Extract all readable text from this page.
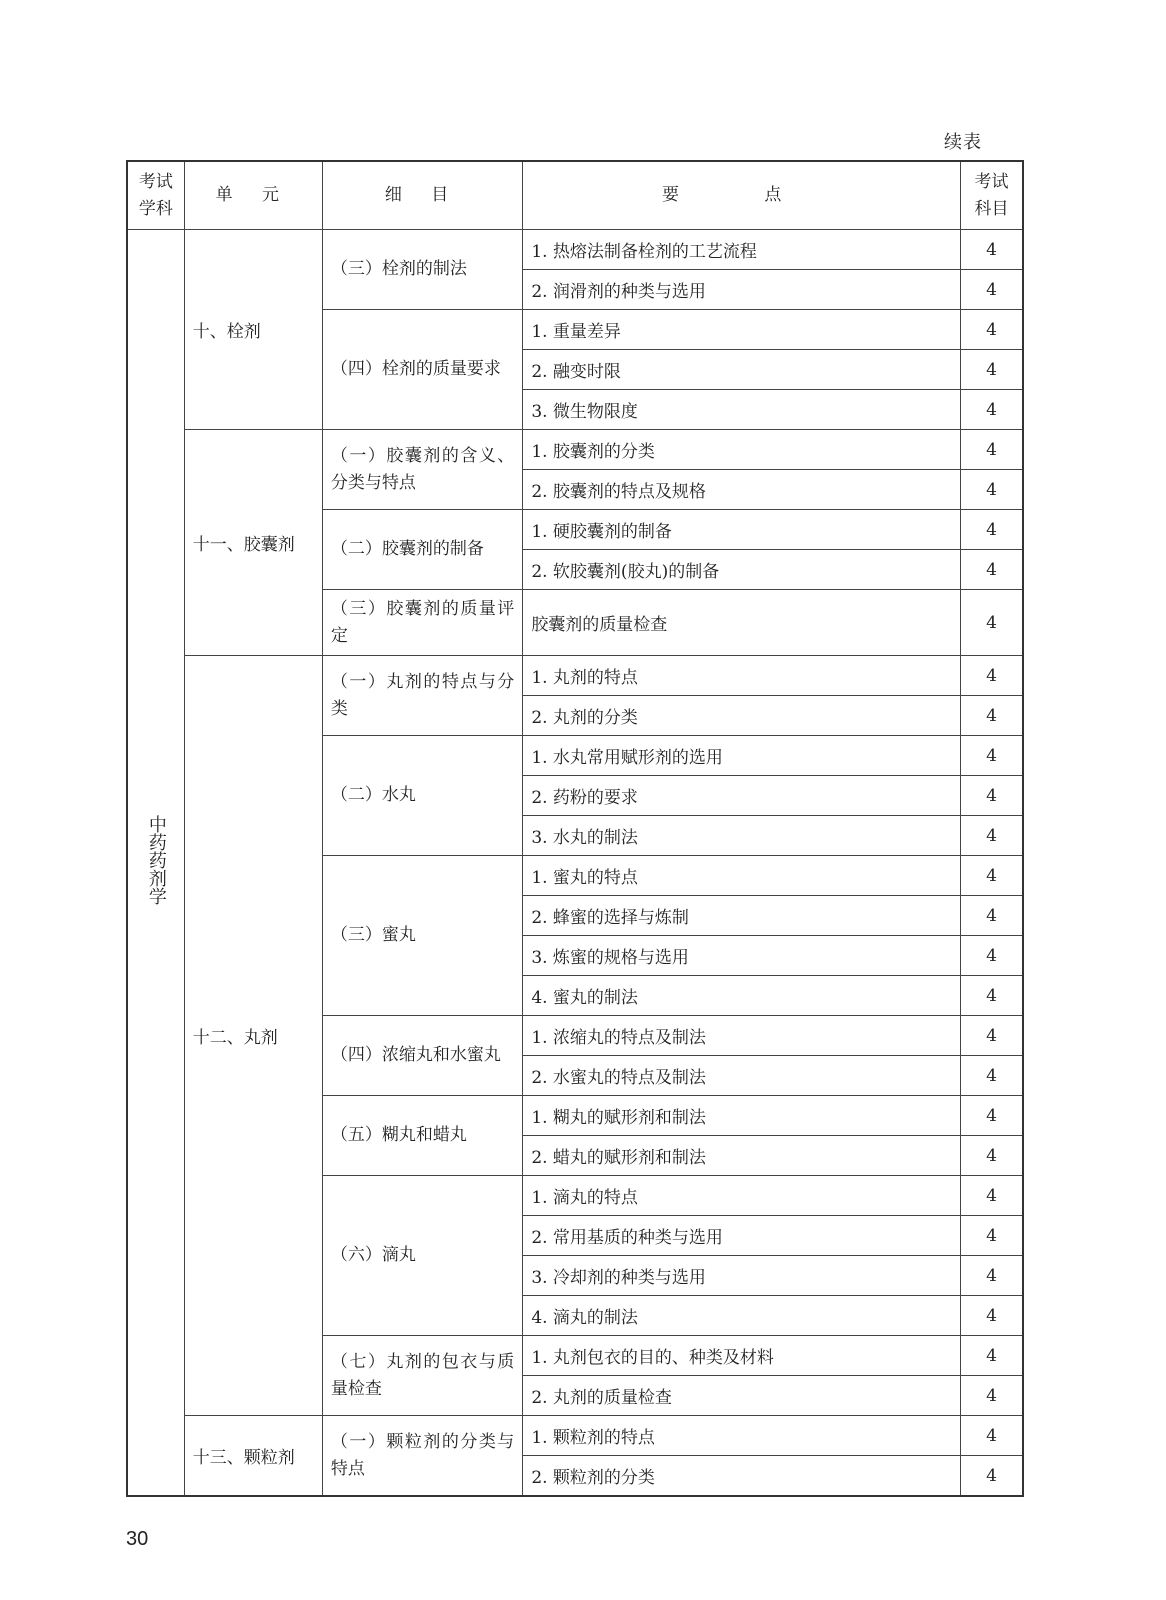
续表
考试学科	单 元	细 目	要 点	考试科目
中药药剂学	十、栓剂	（三）栓剂的制法	1. 热熔法制备栓剂的工艺流程	4
			2. 润滑剂的种类与选用	4
		（四）栓剂的质量要求	1. 重量差异	4
			2. 融变时限	4
			3. 微生物限度	4
	十一、胶囊剂	（一）胶囊剂的含义、分类与特点	1. 胶囊剂的分类	4
			2. 胶囊剂的特点及规格	4
		（二）胶囊剂的制备	1. 硬胶囊剂的制备	4
			2. 软胶囊剂(胶丸)的制备	4
		（三）胶囊剂的质量评定	胶囊剂的质量检查	4
	十二、丸剂	（一）丸剂的特点与分类	1. 丸剂的特点	4
			2. 丸剂的分类	4
		（二）水丸	1. 水丸常用赋形剂的选用	4
			2. 药粉的要求	4
			3. 水丸的制法	4
		（三）蜜丸	1. 蜜丸的特点	4
			2. 蜂蜜的选择与炼制	4
			3. 炼蜜的规格与选用	4
			4. 蜜丸的制法	4
		（四）浓缩丸和水蜜丸	1. 浓缩丸的特点及制法	4
			2. 水蜜丸的特点及制法	4
		（五）糊丸和蜡丸	1. 糊丸的赋形剂和制法	4
			2. 蜡丸的赋形剂和制法	4
		（六）滴丸	1. 滴丸的特点	4
			2. 常用基质的种类与选用	4
			3. 冷却剂的种类与选用	4
			4. 滴丸的制法	4
		（七）丸剂的包衣与质量检查	1. 丸剂包衣的目的、种类及材料	4
			2. 丸剂的质量检查	4
	十三、颗粒剂	（一）颗粒剂的分类与特点	1. 颗粒剂的特点	4
			2. 颗粒剂的分类	4
30
